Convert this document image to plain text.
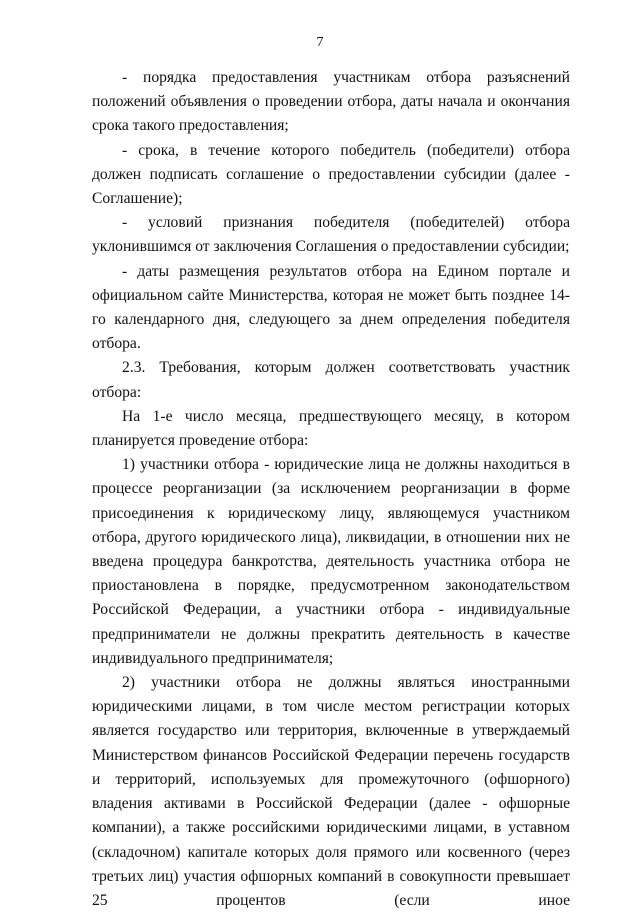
7

- порядка предоставления участникам отбора разъяснений положений объявления о проведении отбора, даты начала и окончания срока такого предоставления;

- срока, в течение которого победитель (победители) отбора должен подписать соглашение о предоставлении субсидии (далее - Соглашение);

- условий признания победителя (победителей) отбора уклонившимся от заключения Соглашения о предоставлении субсидии;

- даты размещения результатов отбора на Едином портале и официальном сайте Министерства, которая не может быть позднее 14-го календарного дня, следующего за днем определения победителя отбора.

2.3. Требования, которым должен соответствовать участник отбора:

На 1-е число месяца, предшествующего месяцу, в котором планируется проведение отбора:

1) участники отбора - юридические лица не должны находиться в процессе реорганизации (за исключением реорганизации в форме присоединения к юридическому лицу, являющемуся участником отбора, другого юридического лица), ликвидации, в отношении них не введена процедура банкротства, деятельность участника отбора не приостановлена в порядке, предусмотренном законодательством Российской Федерации, а участники отбора - индивидуальные предприниматели не должны прекратить деятельность в качестве индивидуального предпринимателя;

2) участники отбора не должны являться иностранными юридическими лицами, в том числе местом регистрации которых является государство или территория, включенные в утверждаемый Министерством финансов Российской Федерации перечень государств и территорий, используемых для промежуточного (офшорного) владения активами в Российской Федерации (далее - офшорные компании), а также российскими юридическими лицами, в уставном (складочном) капитале которых доля прямого или косвенного (через третьих лиц) участия офшорных компаний в совокупности превышает 25 процентов (если иное
